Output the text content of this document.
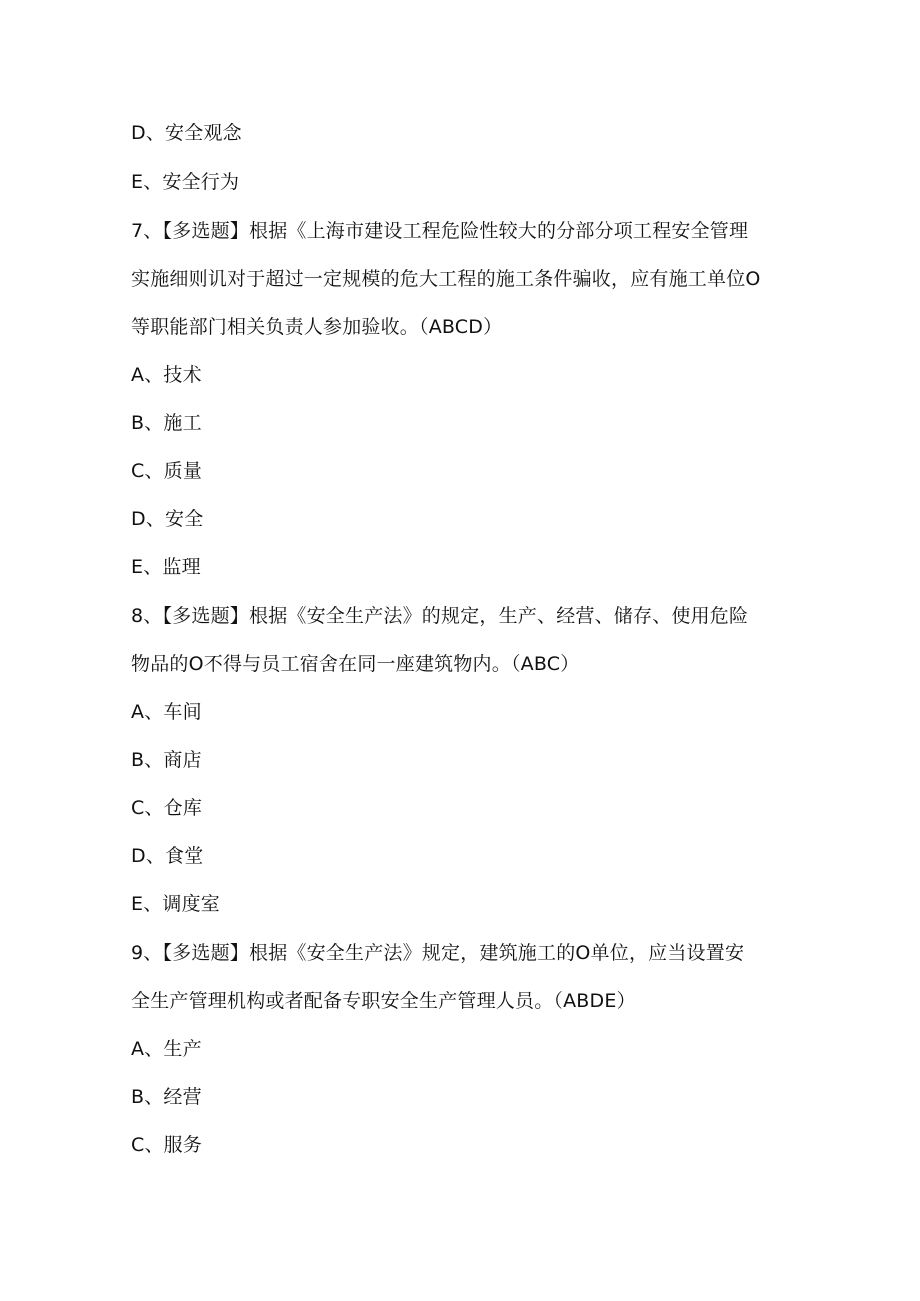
D、安全观念
E、安全行为
7、【多选题】根据《上海市建设工程危险性较大的分部分项工程安全管理
实施细则讥对于超过一定规模的危大工程的施工条件骗收，应有施工单位O
等职能部门相关负责人参加验收。（ABCD）
A、技术
B、施工
C、质量
D、安全
E、监理
8、【多选题】根据《安全生产法》的规定，生产、经营、储存、使用危险
物品的O不得与员工宿舍在同一座建筑物内。（ABC）
A、车间
B、商店
C、仓库
D、食堂
E、调度室
9、【多选题】根据《安全生产法》规定，建筑施工的O单位，应当设置安
全生产管理机构或者配备专职安全生产管理人员。（ABDE）
A、生产
B、经营
C、服务
